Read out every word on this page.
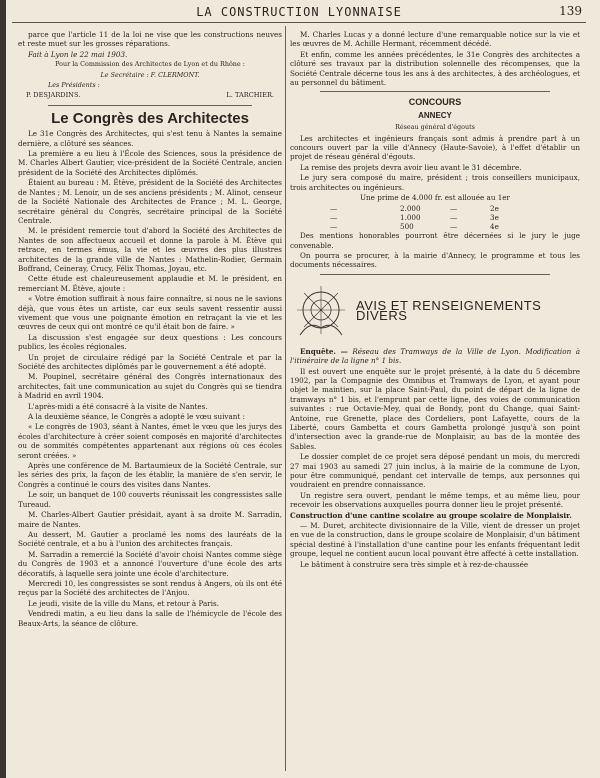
LA CONSTRUCTION LYONNAISE	139

parce que l'article 11 de la loi ne vise que les constructions neuves et reste muet sur les grosses réparations.

Fait à Lyon le 22 mai 1903.

Pour la Commission des Architectes de Lyon et du Rhône :

Le Secrétaire : F. CLERMONT.

Les Présidents :

P. DESJARDINS.	L. TARCHIER.
Le Congrès des Architectes

Le 31e Congrès des Architectes, qui s'est tenu à Nantes la semaine dernière, a clôturé ses séances.

La première a eu lieu à l'École des Sciences, sous la présidence de M. Charles Albert Gautier, vice-président de la Société Centrale, ancien président de la Société des Architectes diplômés.

Étaient au bureau : M. Étève, président de la Société des Architectes de Nantes ; M. Lenoir, un de ses anciens présidents ; M. Alinot, censeur de la Société Nationale des Architectes de France ; M. L. George, secrétaire général du Congrès, secrétaire principal de la Société Centrale.

M. le président remercie tout d'abord la Société des Architectes de Nantes de son affectueux accueil et donne la parole à M. Étève qui retrace, en termes émus, la vie et les œuvres des plus illustres architectes de la grande ville de Nantes : Mathelin-Rodier, Germain Boffrand, Ceineray, Crucy, Félix Thomas, Joyau, etc.

Cette étude est chaleureusement applaudie et M. le président, en remerciant M. Étève, ajoute :

« Votre émotion suffirait à nous faire connaître, si nous ne le savions déjà, que vous êtes un artiste, car eux seuls savent ressentir aussi vivement que vous une poignante émotion en retraçant la vie et les œuvres de ceux qui ont montré ce qu'il était bon de faire. »

La discussion s'est engagée sur deux questions : Les concours publics, les écoles régionales.

Un projet de circulaire rédigé par la Société Centrale et par la Société des architectes diplômés par le gouvernement a été adopté.

M. Poupinel, secrétaire général des Congrès internationaux des architectes, fait une communication au sujet du Congrès qui se tiendra à Madrid en avril 1904.

L'après-midi a été consacré à la visite de Nantes.

A la deuxième séance, le Congrès a adopté le vœu suivant :

« Le congrès de 1903, séant à Nantes, émet le vœu que les jurys des écoles d'architecture à créer soient composés en majorité d'architectes ou de sommités compétentes appartenant aux régions où ces écoles seront créées. »

Après une conférence de M. Bartaumieux de la Société Centrale, sur les séries des prix, la façon de les établir, la manière de s'en servir, le Congrès a continué le cours des visites dans Nantes.

Le soir, un banquet de 100 couverts réunissait les congressistes salle Tureaud.

M. Charles-Albert Gautier présidait, ayant à sa droite M. Sarradin, maire de Nantes.

Au dessert, M. Gautier a proclamé les noms des lauréats de la Société centrale, et a bu à l'union des architectes français.

M. Sarradin a remercié la Société d'avoir choisi Nantes comme siège du Congrès de 1903 et a annoncé l'ouverture d'une école des arts décoratifs, à laquelle sera jointe une école d'architecture.

Mercredi 10, les congressistes se sont rendus à Angers, où ils ont été reçus par la Société des architectes de l'Anjou.

Le jeudi, visite de la ville du Mans, et retour à Paris.

Vendredi matin, a eu lieu dans la salle de l'hémicycle de l'école des Beaux-Arts, la séance de clôture.

M. Charles Lucas y a donné lecture d'une remarquable notice sur la vie et les œuvres de M. Achille Hermant, récemment décédé.

Et enfin, comme les années précédentes, le 31e Congrès des architectes a clôturé ses travaux par la distribution solennelle des récompenses, que la Société Centrale décerne tous les ans à des architectes, à des archéologues, et au personnel du bâtiment.

CONCOURS
ANNECY

Réseau général d'égouts

Les architectes et ingénieurs français sont admis à prendre part à un concours ouvert par la ville d'Annecy (Haute-Savoie), à l'effet d'établir un projet de réseau général d'égouts.

La remise des projets devra avoir lieu avant le 31 décembre.

Le jury sera composé du maire, président ; trois conseillers municipaux, trois architectes ou ingénieurs.

Une prime de 4.000 fr. est allouée au 1er

—	2.000	—	2e
—	1.000	—	3e
—	500	—	4e

Des mentions honorables pourront être décernées si le jury le juge convenable.

On pourra se procurer, à la mairie d'Annecy, le programme et tous les documents nécessaires.

AVIS ET RENSEIGNEMENTS DIVERS

Enquête. — Réseau des Tramways de la Ville de Lyon. Modification à l'itinéraire de la ligne n° 1 bis.

Il est ouvert une enquête sur le projet présenté, à la date du 5 décembre 1902, par la Compagnie des Omnibus et Tramways de Lyon, et ayant pour objet le maintien, sur la place Saint-Paul, du point de départ de la ligne de tramways n° 1 bis, et l'emprunt par cette ligne, des voies de communication suivantes : rue Octavie-Mey, quai de Bondy, pont du Change, quai Saint-Antoine, rue Grenette, place des Cordeliers, pont Lafayette, cours de la Liberté, cours Gambetta et cours Gambetta prolongé jusqu'à son point d'intersection avec la grande-rue de Monplaisir, au bas de la montée des Sables.

Le dossier complet de ce projet sera déposé pendant un mois, du mercredi 27 mai 1903 au samedi 27 juin inclus, à la mairie de la commune de Lyon, pour être communiqué, pendant cet intervalle de temps, aux personnes qui voudraient en prendre connaissance.

Un registre sera ouvert, pendant le même temps, et au même lieu, pour recevoir les observations auxquelles pourra donner lieu le projet présenté.

Construction d'une cantine scolaire au groupe scolaire de Monplaisir.

— M. Duret, architecte divisionnaire de la Ville, vient de dresser un projet en vue de la construction, dans le groupe scolaire de Monplaisir, d'un bâtiment spécial destiné à l'installation d'une cantine pour les enfants fréquentant ledit groupe, lequel ne contient aucun local pouvant être affecté à cette installation.

Le bâtiment à construire sera très simple et à rez-de-chaussée
